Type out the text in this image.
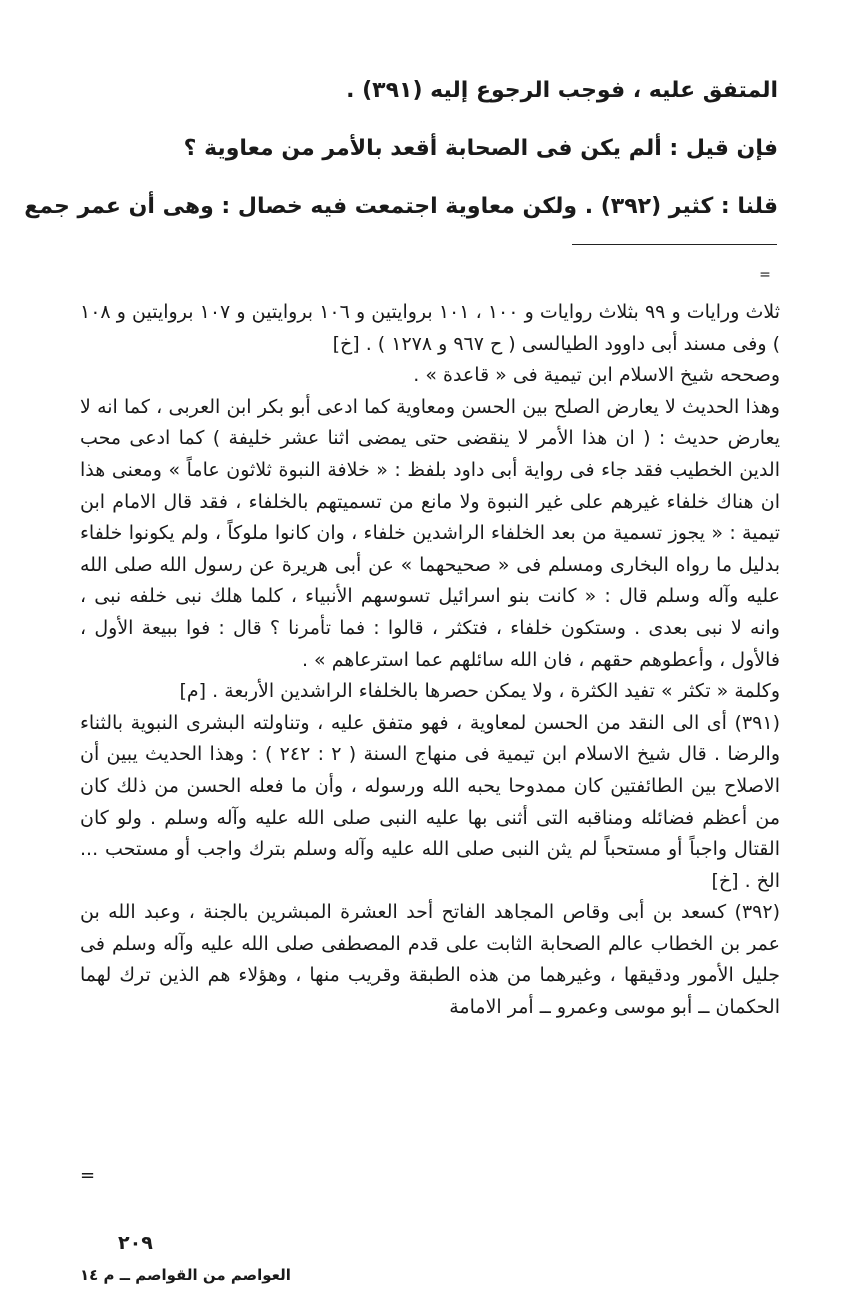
المتفق عليه ، فوجب الرجوع إليه (٣٩١) .

فإن قيل : ألم يكن فى الصحابة أقعد بالأمر من معاوية ؟

قلنا : كثير (٣٩٢) . ولكن معاوية اجتمعت فيه خصال : وهى أن عمر جمع

=

ثلاث ورايات و ٩٩ بثلاث روايات و ١٠٠ ، ١٠١ بروايتين و ١٠٦ بروايتين و ١٠٧ بروايتين و ١٠٨ ) وفى مسند أبى داوود الطيالسى ( ح ٩٦٧ و ١٢٧٨ ) . [خ]

وصححه شيخ الاسلام ابن تيمية فى « قاعدة » .

وهذا الحديث لا يعارض الصلح بين الحسن ومعاوية كما ادعى أبو بكر ابن العربى ، كما انه لا يعارض حديث : ( ان هذا الأمر لا ينقضى حتى يمضى اثنا عشر خليفة ) كما ادعى محب الدين الخطيب فقد جاء فى رواية أبى داود بلفظ : « خلافة النبوة ثلاثون عاماً » ومعنى هذا ان هناك خلفاء غيرهم على غير النبوة ولا مانع من تسميتهم بالخلفاء ، فقد قال الامام ابن تيمية : « يجوز تسمية من بعد الخلفاء الراشدين خلفاء ، وان كانوا ملوكاً ، ولم يكونوا خلفاء بدليل ما رواه البخارى ومسلم فى « صحيحهما » عن أبى هريرة عن رسول الله صلى الله عليه وآله وسلم قال : « كانت بنو اسرائيل تسوسهم الأنبياء ، كلما هلك نبى خلفه نبى ، وانه لا نبى بعدى . وستكون خلفاء ، فتكثر ، قالوا : فما تأمرنا ؟ قال : فوا ببيعة الأول ، فالأول ، وأعطوهم حقهم ، فان الله سائلهم عما استرعاهم » .

وكلمة « تكثر » تفيد الكثرة ، ولا يمكن حصرها بالخلفاء الراشدين الأربعة . [م]

(٣٩١) أى الى النقد من الحسن لمعاوية ، فهو متفق عليه ، وتناولته البشرى النبوية بالثناء والرضا . قال شيخ الاسلام ابن تيمية فى منهاج السنة ( ٢ : ٢٤٢ ) : وهذا الحديث يبين أن الاصلاح بين الطائفتين كان ممدوحا يحبه الله ورسوله ، وأن ما فعله الحسن من ذلك كان من أعظم فضائله ومناقبه التى أثنى بها عليه النبى صلى الله عليه وآله وسلم . ولو كان القتال واجباً أو مستحباً لم يثن النبى صلى الله عليه وآله وسلم بترك واجب أو مستحب ... الخ . [خ]

(٣٩٢) كسعد بن أبى وقاص المجاهد الفاتح أحد العشرة المبشرين بالجنة ، وعبد الله بن عمر بن الخطاب عالم الصحابة الثابت على قدم المصطفى صلى الله عليه وآله وسلم فى جليل الأمور ودقيقها ، وغيرهما من هذه الطبقة وقريب منها ، وهؤلاء هم الذين ترك لهما الحكمان ــ أبو موسى وعمرو ــ أمر الامامة

=
٢٠٩
العواصم من القواصم ــ م ١٤
